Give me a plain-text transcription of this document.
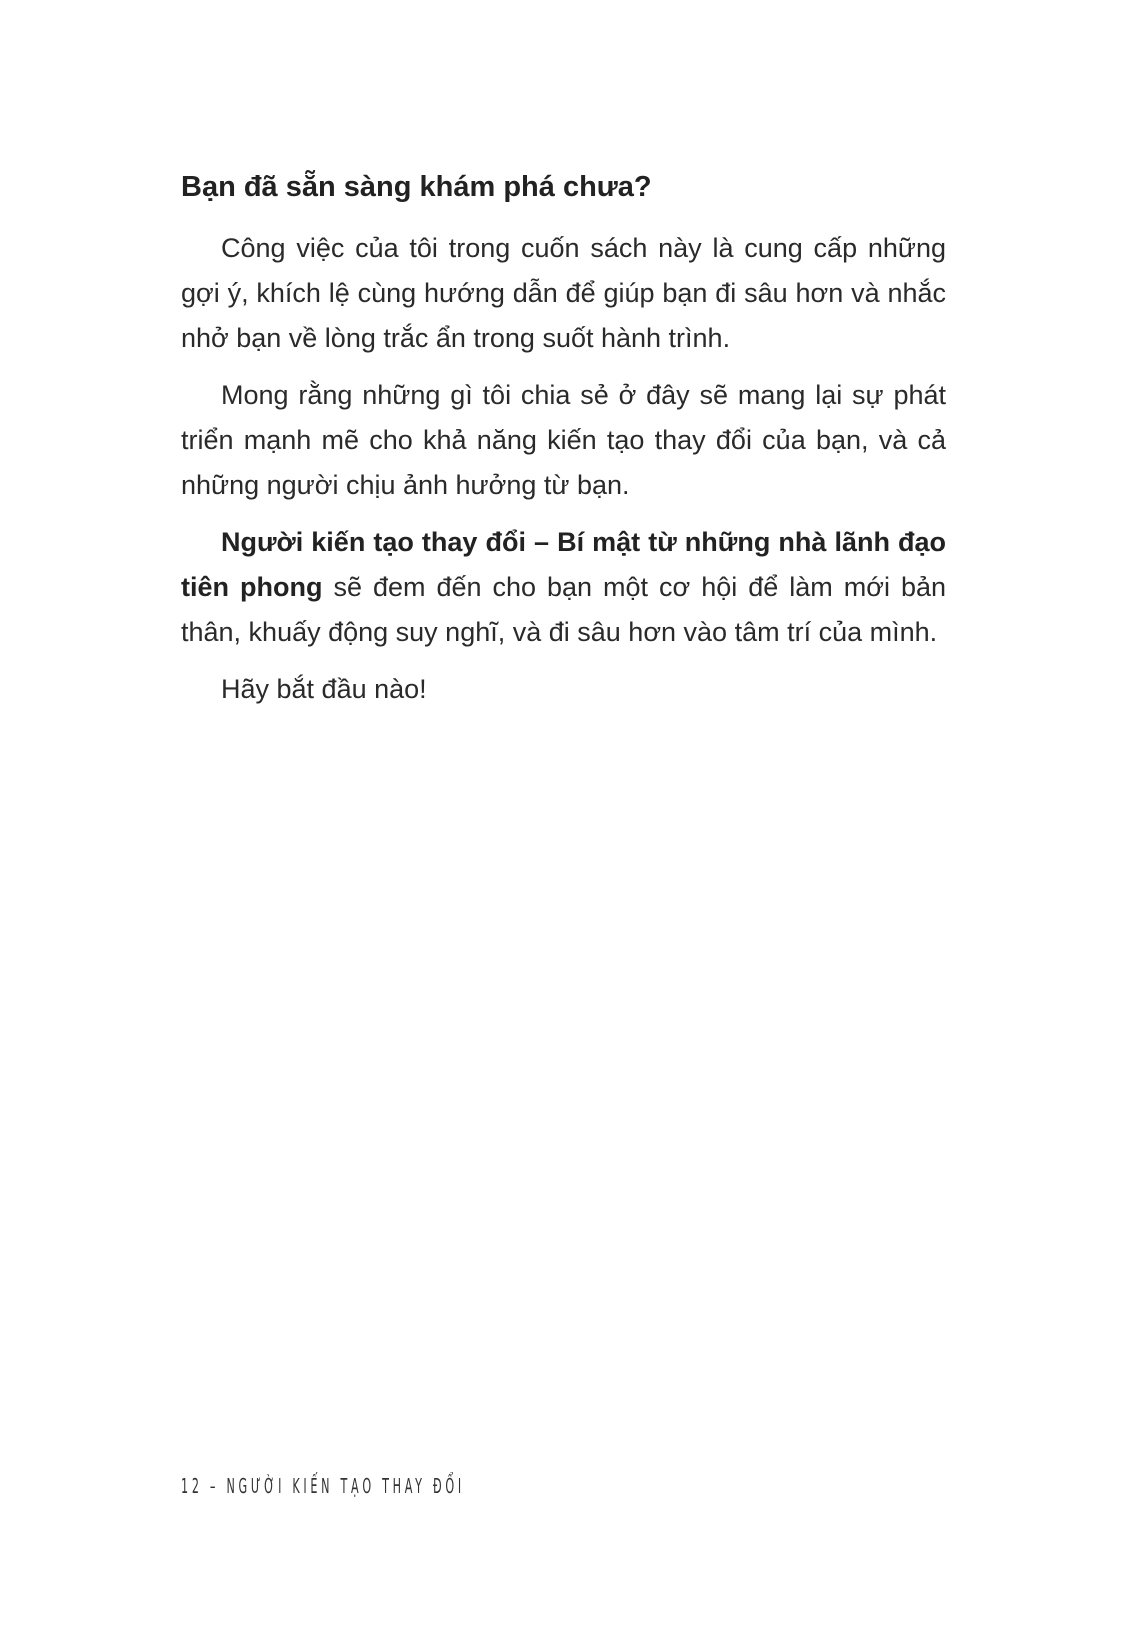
Bạn đã sẵn sàng khám phá chưa?

Công việc của tôi trong cuốn sách này là cung cấp những gợi ý, khích lệ cùng hướng dẫn để giúp bạn đi sâu hơn và nhắc nhở bạn về lòng trắc ẩn trong suốt hành trình.

Mong rằng những gì tôi chia sẻ ở đây sẽ mang lại sự phát triển mạnh mẽ cho khả năng kiến tạo thay đổi của bạn, và cả những người chịu ảnh hưởng từ bạn.

Người kiến tạo thay đổi – Bí mật từ những nhà lãnh đạo tiên phong sẽ đem đến cho bạn một cơ hội để làm mới bản thân, khuấy động suy nghĩ, và đi sâu hơn vào tâm trí của mình.

Hãy bắt đầu nào!

12 – NGƯỜI KIẾN TẠO THAY ĐỔI
